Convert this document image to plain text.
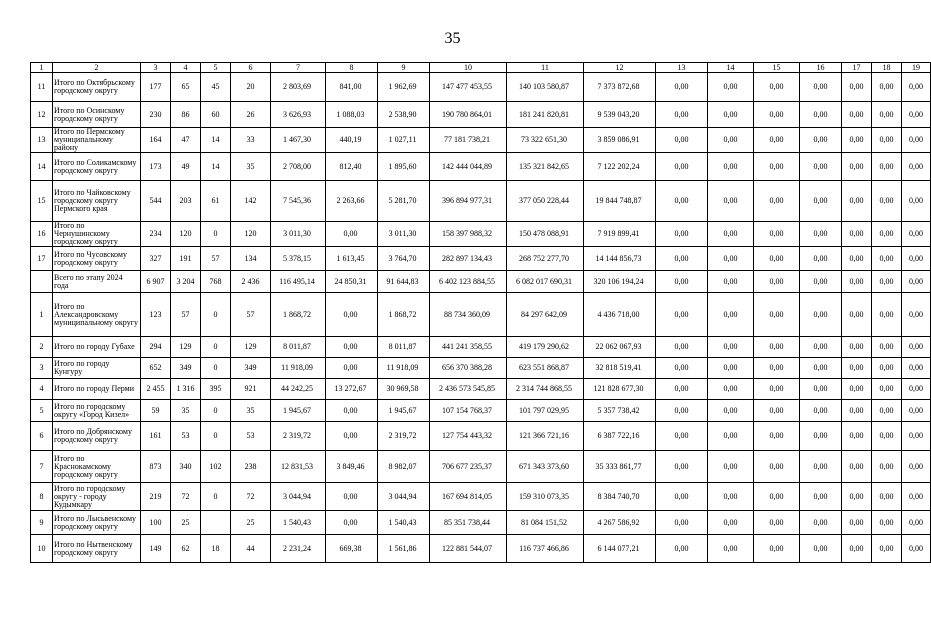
35
1	2	3	4	5	6	7	8	9	10	11	12	13	14	15	16	17	18	19
11	Итого по Октябрьскому городскому округу	177	65	45	20	2 803,69	841,00	1 962,69	147 477 453,55	140 103 580,87	7 373 872,68	0,00	0,00	0,00	0,00	0,00	0,00	0,00
12	Итого по Осинскому городскому округу	230	86	60	26	3 626,93	1 088,03	2 538,90	190 780 864,01	181 241 820,81	9 539 043,20	0,00	0,00	0,00	0,00	0,00	0,00	0,00
13	Итого по Пермскому муниципальному району	164	47	14	33	1 467,30	440,19	1 027,11	77 181 738,21	73 322 651,30	3 859 086,91	0,00	0,00	0,00	0,00	0,00	0,00	0,00
14	Итого по Соликамскому городскому округу	173	49	14	35	2 708,00	812,40	1 895,60	142 444 044,89	135 321 842,65	7 122 202,24	0,00	0,00	0,00	0,00	0,00	0,00	0,00
15	Итого по Чайковскому городскому округу Пермского края	544	203	61	142	7 545,36	2 263,66	5 281,70	396 894 977,31	377 050 228,44	19 844 748,87	0,00	0,00	0,00	0,00	0,00	0,00	0,00
16	Итого по Чернушинскому городскому округу	234	120	0	120	3 011,30	0,00	3 011,30	158 397 988,32	150 478 088,91	7 919 899,41	0,00	0,00	0,00	0,00	0,00	0,00	0,00
17	Итого по Чусовскому городскому округу	327	191	57	134	5 378,15	1 613,45	3 764,70	282 897 134,43	268 752 277,70	14 144 856,73	0,00	0,00	0,00	0,00	0,00	0,00	0,00
	Всего по этапу 2024 года	6 907	3 204	768	2 436	116 495,14	24 850,31	91 644,83	6 402 123 884,55	6 082 017 690,31	320 106 194,24	0,00	0,00	0,00	0,00	0,00	0,00	0,00
1	Итого по Александровскому муниципальному округу	123	57	0	57	1 868,72	0,00	1 868,72	88 734 360,09	84 297 642,09	4 436 718,00	0,00	0,00	0,00	0,00	0,00	0,00	0,00
2	Итого по городу Губахе	294	129	0	129	8 011,87	0,00	8 011,87	441 241 358,55	419 179 290,62	22 062 067,93	0,00	0,00	0,00	0,00	0,00	0,00	0,00
3	Итого по городу Кунгуру	652	349	0	349	11 918,09	0,00	11 918,09	656 370 388,28	623 551 868,87	32 818 519,41	0,00	0,00	0,00	0,00	0,00	0,00	0,00
4	Итого по городу Перми	2 455	1 316	395	921	44 242,25	13 272,67	30 969,58	2 436 573 545,85	2 314 744 868,55	121 828 677,30	0,00	0,00	0,00	0,00	0,00	0,00	0,00
5	Итого по городскому округу «Город Кизел»	59	35	0	35	1 945,67	0,00	1 945,67	107 154 768,37	101 797 029,95	5 357 738,42	0,00	0,00	0,00	0,00	0,00	0,00	0,00
6	Итого по Добрянскому городскому округу	161	53	0	53	2 319,72	0,00	2 319,72	127 754 443,32	121 366 721,16	6 387 722,16	0,00	0,00	0,00	0,00	0,00	0,00	0,00
7	Итого по Краснокамскому городскому округу	873	340	102	238	12 831,53	3 849,46	8 982,07	706 677 235,37	671 343 373,60	35 333 861,77	0,00	0,00	0,00	0,00	0,00	0,00	0,00
8	Итого по городскому округу - городу Кудымкару	219	72	0	72	3 044,94	0,00	3 044,94	167 694 814,05	159 310 073,35	8 384 740,70	0,00	0,00	0,00	0,00	0,00	0,00	0,00
9	Итого по Лысьвенскому городскому округу	100	25		25	1 540,43	0,00	1 540,43	85 351 738,44	81 084 151,52	4 267 586,92	0,00	0,00	0,00	0,00	0,00	0,00	0,00
10	Итого по Нытвенскому городскому округу	149	62	18	44	2 231,24	669,38	1 561,86	122 881 544,07	116 737 466,86	6 144 077,21	0,00	0,00	0,00	0,00	0,00	0,00	0,00
